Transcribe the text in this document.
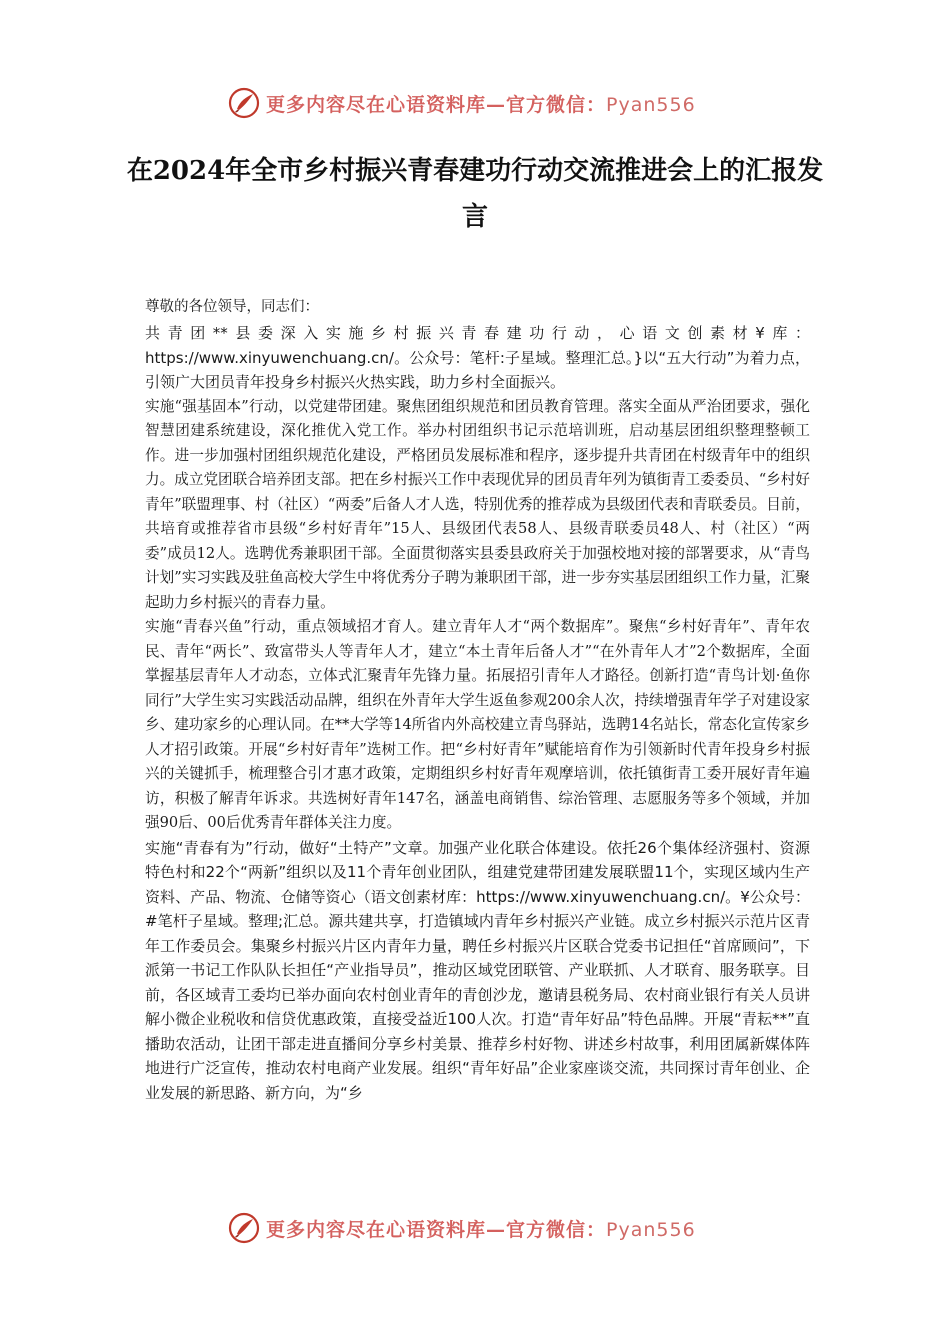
更多内容尽在心语资料库—官方微信：Pyan556
在2024年全市乡村振兴青春建功行动交流推进会上的汇报发言

尊敬的各位领导，同志们：

共青团**县委深入实施乡村振兴青春建功行动，心语文创素材¥库：https://www.xinyuwenchuang.cn/。公众号：笔杆:子星域。整理汇总。}以“五大行动”为着力点，引领广大团员青年投身乡村振兴火热实践，助力乡村全面振兴。

实施“强基固本”行动，以党建带团建。聚焦团组织规范和团员教育管理。落实全面从严治团要求，强化智慧团建系统建设，深化推优入党工作。举办村团组织书记示范培训班，启动基层团组织整理整顿工作。进一步加强村团组织规范化建设，严格团员发展标准和程序，逐步提升共青团在村级青年中的组织力。成立党团联合培养团支部。把在乡村振兴工作中表现优异的团员青年列为镇街青工委委员、“乡村好青年”联盟理事、村（社区）“两委”后备人才人选，特别优秀的推荐成为县级团代表和青联委员。目前，共培育或推荐省市县级“乡村好青年”15人、县级团代表58人、县级青联委员48人、村（社区）“两委”成员12人。选聘优秀兼职团干部。全面贯彻落实县委县政府关于加强校地对接的部署要求，从“青鸟计划”实习实践及驻鱼高校大学生中将优秀分子聘为兼职团干部，进一步夯实基层团组织工作力量，汇聚起助力乡村振兴的青春力量。

实施“青春兴鱼”行动，重点领域招才育人。建立青年人才“两个数据库”。聚焦“乡村好青年”、青年农民、青年“两长”、致富带头人等青年人才，建立“本土青年后备人才”“在外青年人才”2个数据库，全面掌握基层青年人才动态，立体式汇聚青年先锋力量。拓展招引青年人才路径。创新打造“青鸟计划·鱼你同行”大学生实习实践活动品牌，组织在外青年大学生返鱼参观200余人次，持续增强青年学子对建设家乡、建功家乡的心理认同。在**大学等14所省内外高校建立青鸟驿站，选聘14名站长，常态化宣传家乡人才招引政策。开展“乡村好青年”选树工作。把“乡村好青年”赋能培育作为引领新时代青年投身乡村振兴的关键抓手，梳理整合引才惠才政策，定期组织乡村好青年观摩培训，依托镇街青工委开展好青年遍访，积极了解青年诉求。共选树好青年147名，涵盖电商销售、综治管理、志愿服务等多个领域，并加强90后、00后优秀青年群体关注力度。

实施“青春有为”行动，做好“土特产”文章。加强产业化联合体建设。依托26个集体经济强村、资源特色村和22个“两新”组织以及11个青年创业团队，组建党建带团建发展联盟11个，实现区域内生产资料、产品、物流、仓储等资心（语文创素材库：https://www.xinyuwenchuang.cn/。¥公众号：#笔杆子星域。整理;汇总。源共建共享，打造镇域内青年乡村振兴产业链。成立乡村振兴示范片区青年工作委员会。集聚乡村振兴片区内青年力量，聘任乡村振兴片区联合党委书记担任“首席顾问”，下派第一书记工作队队长担任“产业指导员”，推动区域党团联管、产业联抓、人才联育、服务联享。目前，各区域青工委均已举办面向农村创业青年的青创沙龙，邀请县税务局、农村商业银行有关人员讲解小微企业税收和信贷优惠政策，直接受益近100人次。打造“青年好品”特色品牌。开展“青耘**”直播助农活动，让团干部走进直播间分享乡村美景、推荐乡村好物、讲述乡村故事，利用团属新媒体阵地进行广泛宣传，推动农村电商产业发展。组织“青年好品”企业家座谈交流，共同探讨青年创业、企业发展的新思路、新方向，为“乡

更多内容尽在心语资料库—官方微信：Pyan556
